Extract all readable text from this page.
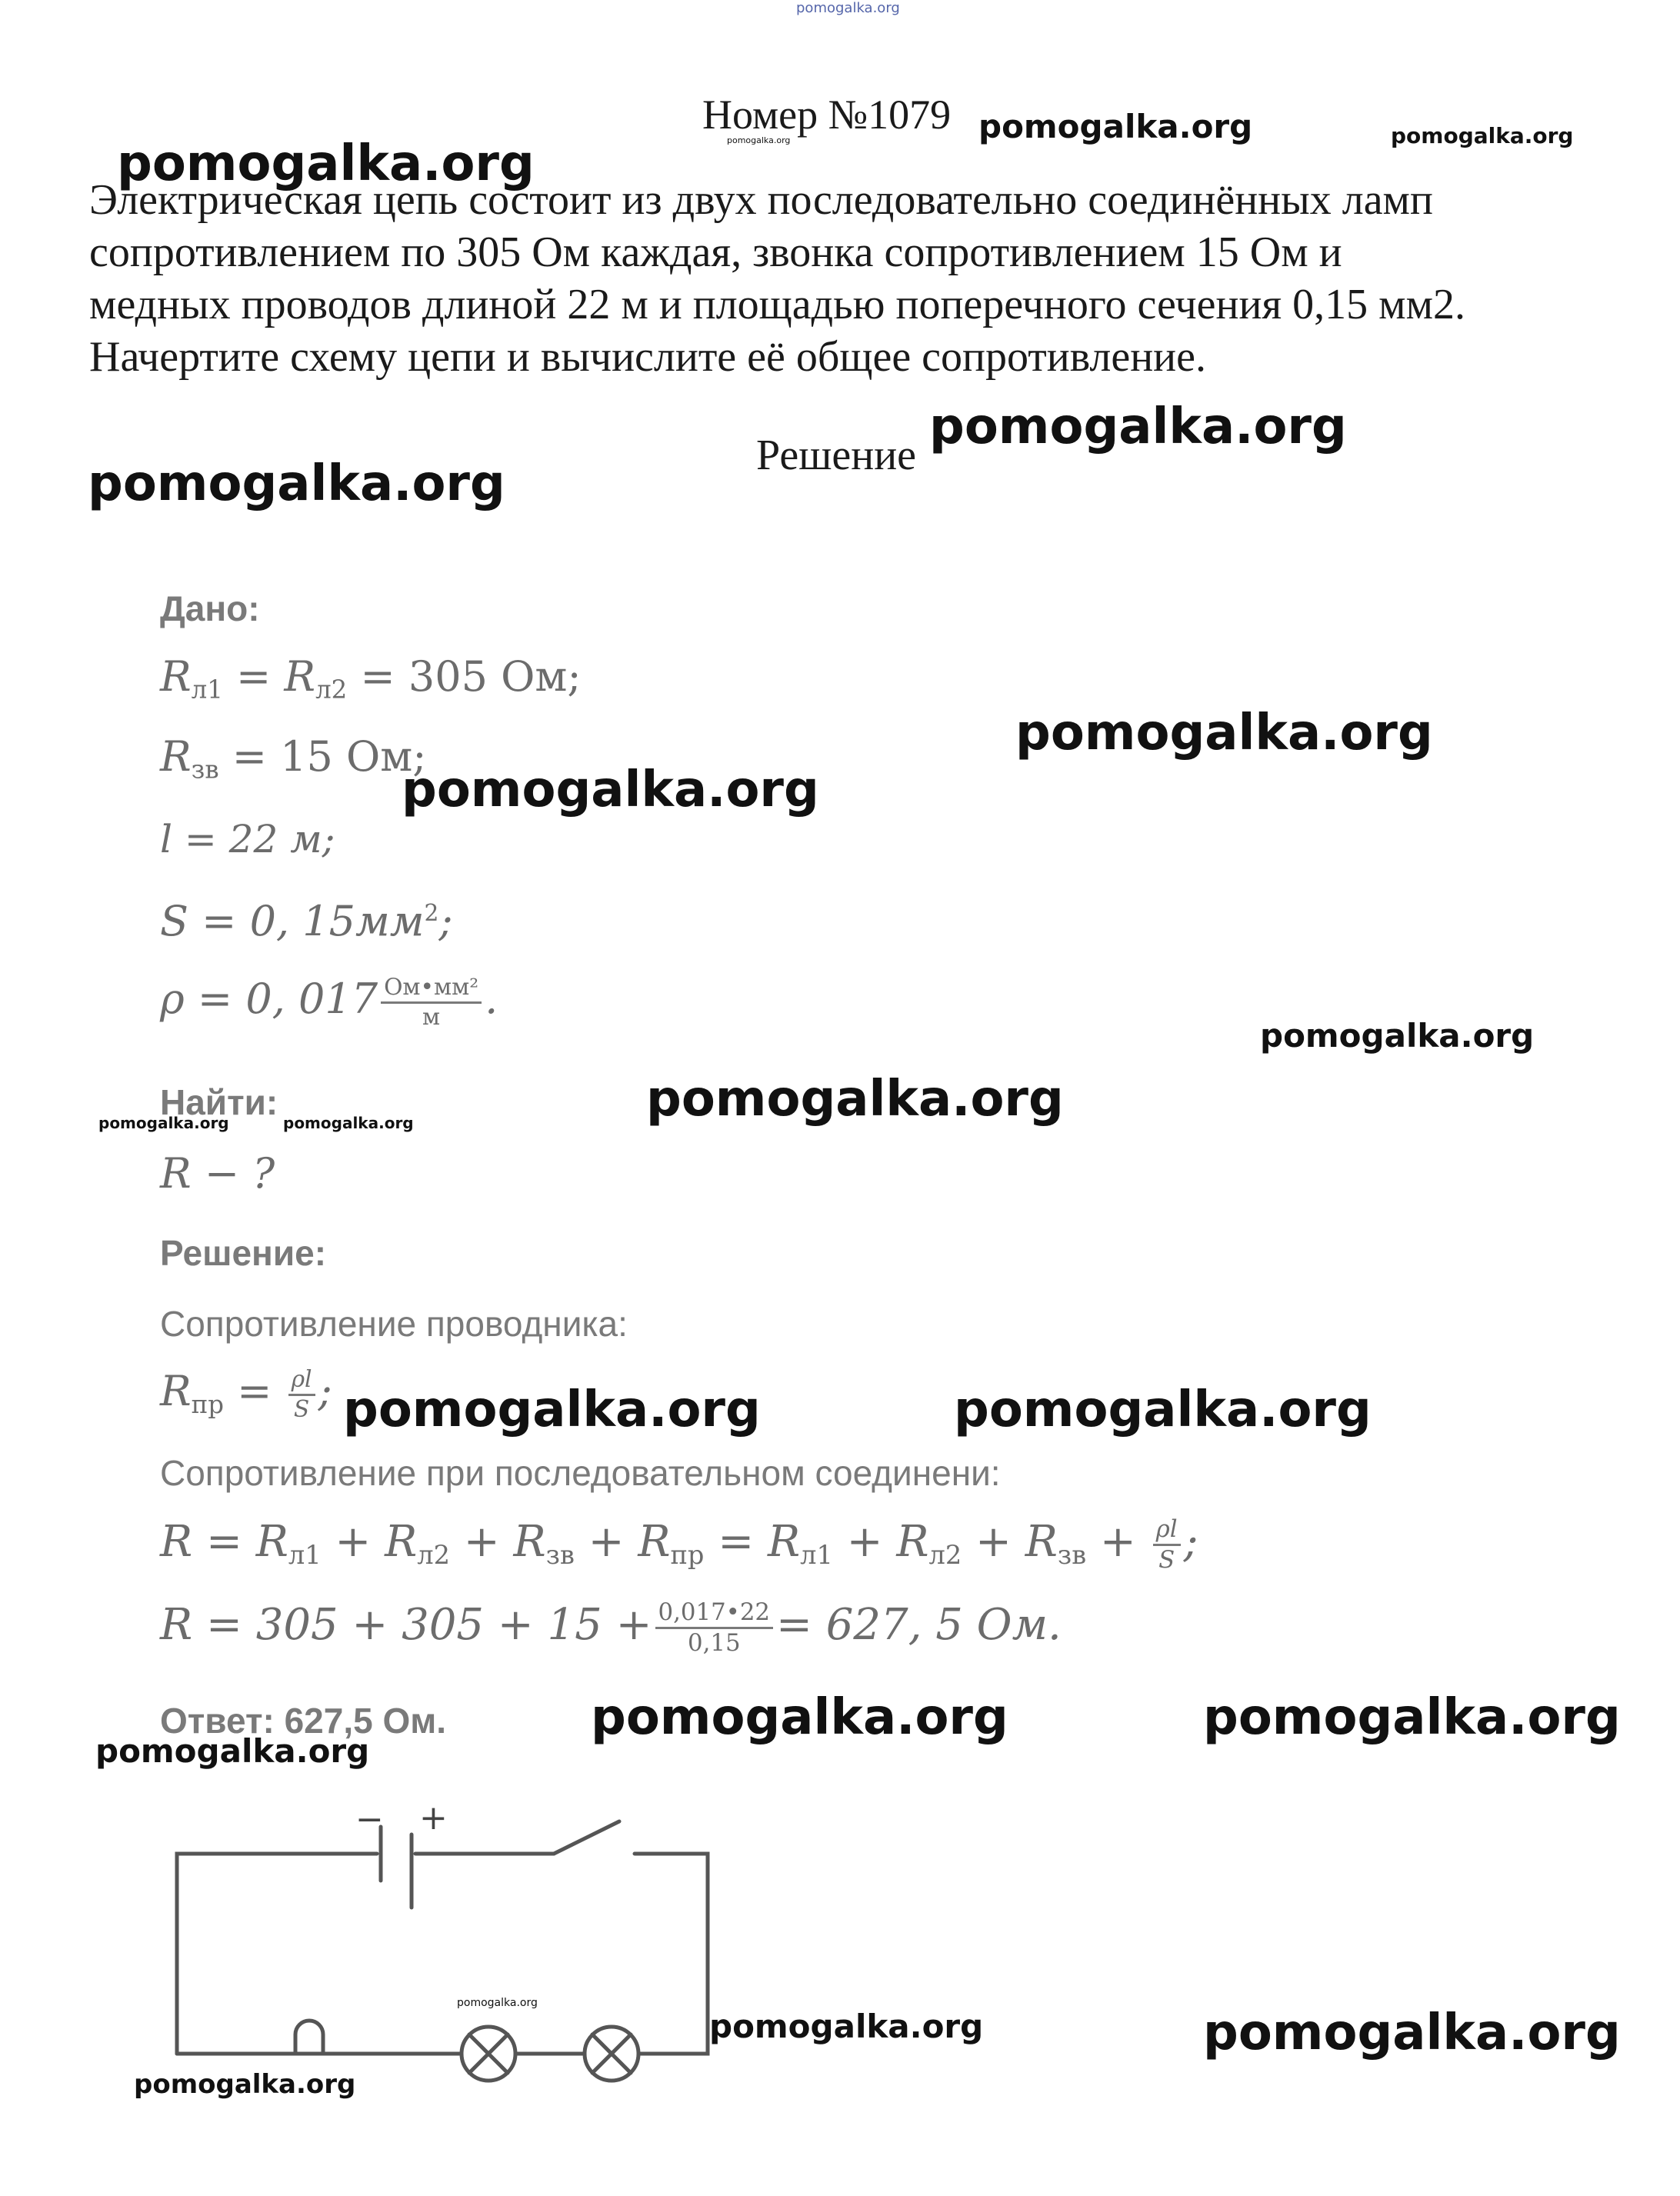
pomogalka.org
Номер №1079 pomogalka.org
pomogalka.org	pomogalka.org
pomogalka.org
Электрическая цепь состоит из двух последовательно соединённых ламп
сопротивлением по 305 Ом каждая, звонка сопротивлением 15 Ом и
медных проводов длиной 22 м и площадью поперечного сечения 0,15 мм2.
Начертите схему цепи и вычислите её общее сопротивление.
Решение pomogalka.org
pomogalka.org
Дано:
$R_{л1} = R_{л2} = 305$ Ом;
$R_{зв} = 15$ Ом;
l = 22 м;
S = 0, $15мм^2$;
ρ = 0, $017 \frac{\text{Ом•мм²}}{м}$ .
pomogalka.org
pomogalka.org
pomogalka.org
Найти:	pomogalka.org
pomogalka.org	pomogalka.org
R − ?
Решение:
Сопротивление проводника:
$R_{пр} = \frac{\rho l}{S}$ ; pomogalka.org	pomogalka.org
Сопротивление при последовательном соединени:
$R = R_{л1} + R_{л2} + R_{зв} + R_{пр} = R_{л1} + R_{л2} + R_{зв} + \frac{\rho l}{S}$ ;
$R = 305 + 305 + 15 + \frac{0,017•22}{0,15} = 627$, 5 Ом.
Ответ: 627,5 Ом.	pomogalka.org	pomogalka.org
pomogalka.org
− +
pomogalka.org
pomogalka.org	pomogalka.org
pomogalka.org
